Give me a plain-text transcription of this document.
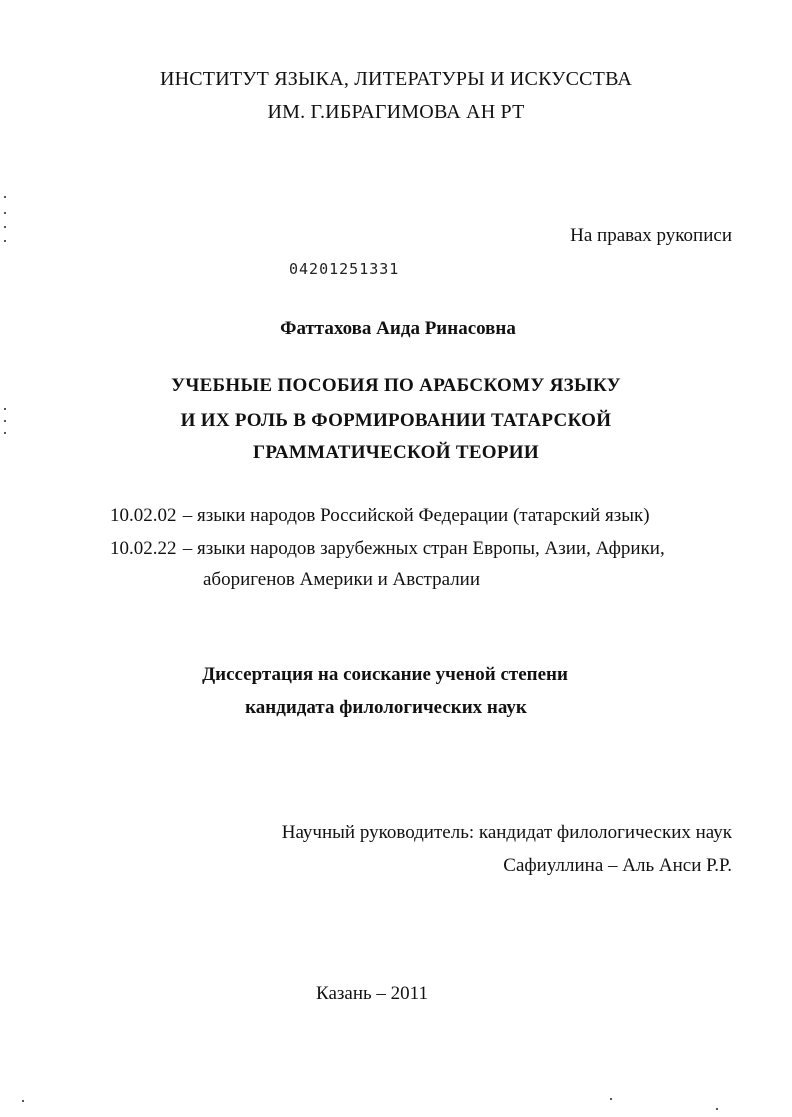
ИНСТИТУТ ЯЗЫКА, ЛИТЕРАТУРЫ И ИСКУССТВА

ИМ. Г.ИБРАГИМОВА АН РТ

На правах рукописи

04201251331

Фаттахова Аида Ринасовна

УЧЕБНЫЕ ПОСОБИЯ ПО АРАБСКОМУ ЯЗЫКУ

И ИХ РОЛЬ В ФОРМИРОВАНИИ ТАТАРСКОЙ

ГРАММАТИЧЕСКОЙ ТЕОРИИ

10.02.02 – языки народов Российской Федерации (татарский язык)

10.02.22 – языки народов зарубежных стран Европы, Азии, Африки,

аборигенов Америки и Австралии

Диссертация на соискание ученой степени

кандидата филологических наук

Научный руководитель: кандидат филологических наук

Сафиуллина – Аль Анси Р.Р.

Казань – 2011
